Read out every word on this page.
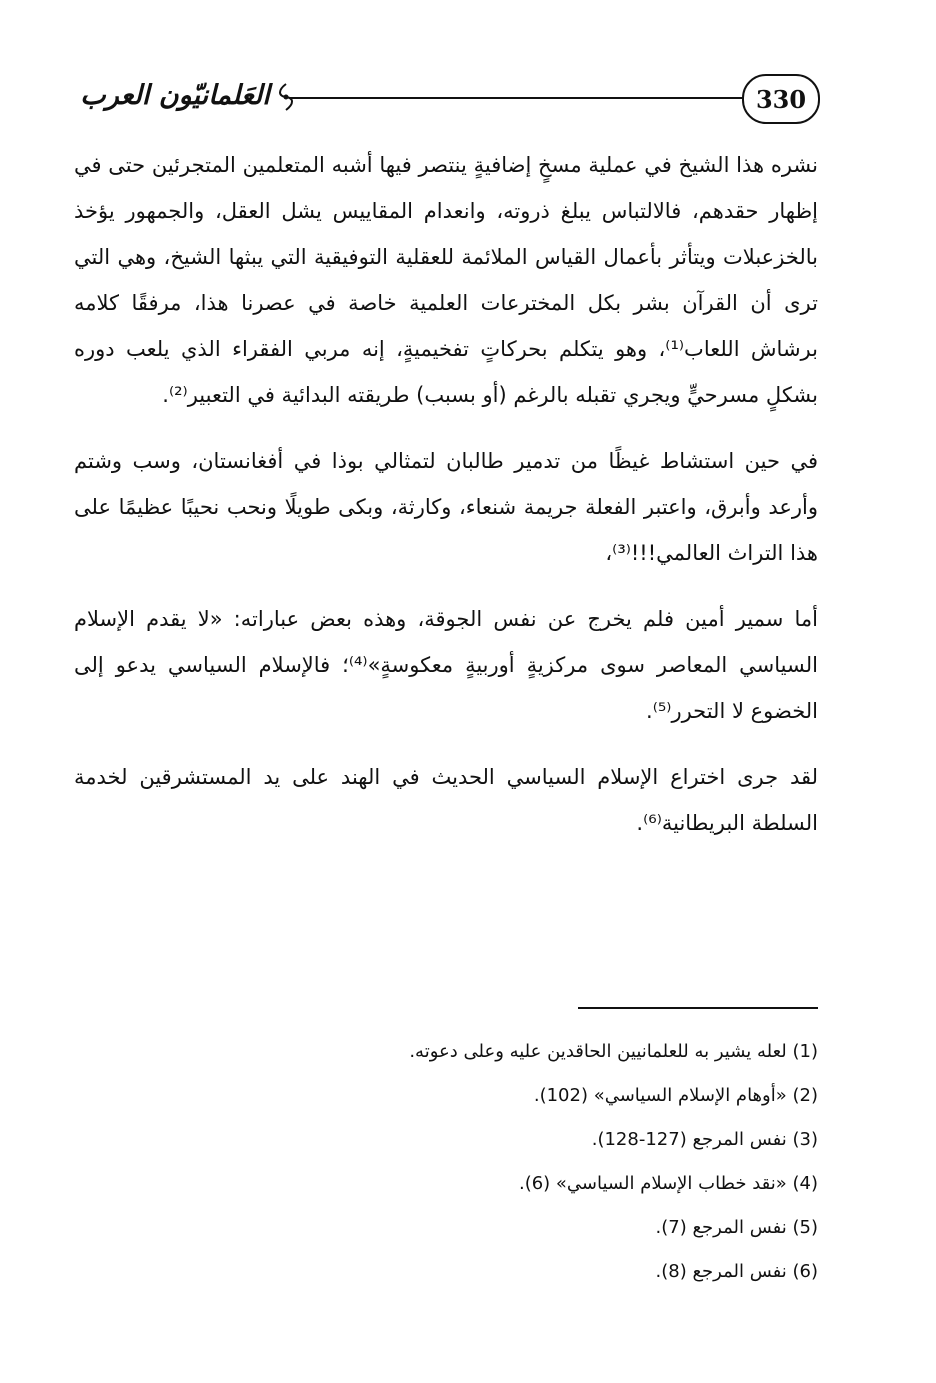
330
العَلمانيّون العرب

نشره هذا الشيخ في عملية مسخٍ إضافيةٍ ينتصر فيها أشبه المتعلمين المتجرئين حتى في إظهار حقدهم، فالالتباس يبلغ ذروته، وانعدام المقاييس يشل العقل، والجمهور يؤخذ بالخزعبلات ويتأثر بأعمال القياس الملائمة للعقلية التوفيقية التي يبثها الشيخ، وهي التي ترى أن القرآن بشر بكل المخترعات العلمية خاصة في عصرنا هذا، مرفقًا كلامه برشاش اللعاب⁽¹⁾، وهو يتكلم بحركاتٍ تفخيميةٍ، إنه مربي الفقراء الذي يلعب دوره بشكلٍ مسرحيٍّ ويجري تقبله بالرغم (أو بسبب) طريقته البدائية في التعبير⁽²⁾.

في حين استشاط غيظًا من تدمير طالبان لتمثالي بوذا في أفغانستان، وسب وشتم وأرعد وأبرق، واعتبر الفعلة جريمة شنعاء، وكارثة، وبكى طويلًا ونحب نحيبًا عظيمًا على هذا التراث العالمي!!!⁽³⁾،

أما سمير أمين فلم يخرج عن نفس الجوقة، وهذه بعض عباراته: «لا يقدم الإسلام السياسي المعاصر سوى مركزيةٍ أوربيةٍ معكوسةٍ»⁽⁴⁾؛ فالإسلام السياسي يدعو إلى الخضوع لا التحرر⁽⁵⁾.

لقد جرى اختراع الإسلام السياسي الحديث في الهند على يد المستشرقين لخدمة السلطة البريطانية⁽⁶⁾.

(1) لعله يشير به للعلمانيين الحاقدين عليه وعلى دعوته.

(2) «أوهام الإسلام السياسي» (102).

(3) نفس المرجع (127-128).

(4) «نقد خطاب الإسلام السياسي» (6).

(5) نفس المرجع (7).

(6) نفس المرجع (8).
